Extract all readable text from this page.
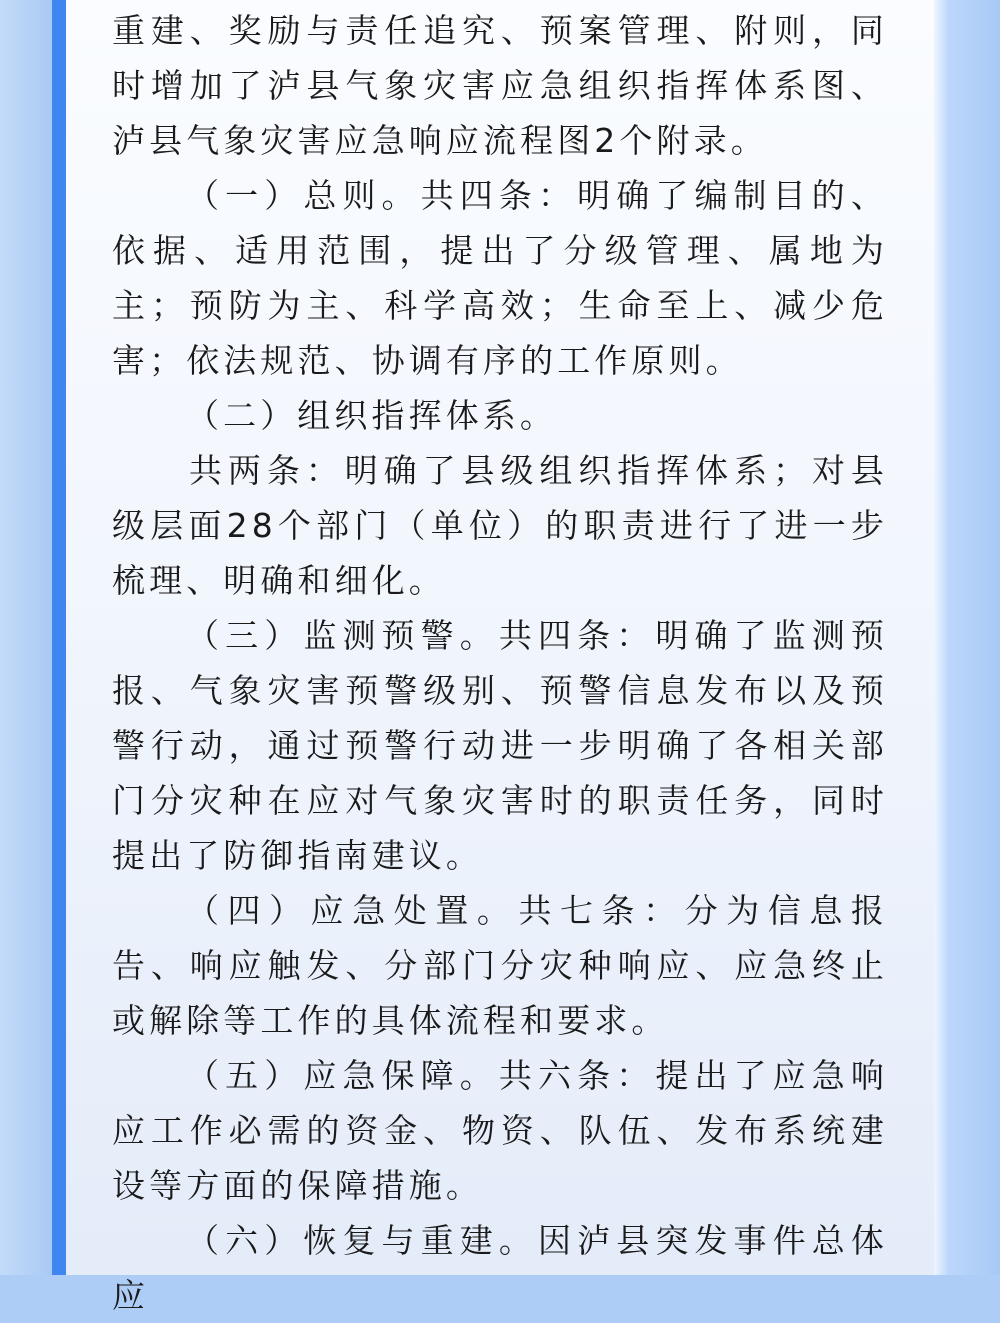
重建、奖励与责任追究、预案管理、附则，同时增加了泸县气象灾害应急组织指挥体系图、泸县气象灾害应急响应流程图2个附录。

（一）总则。共四条：明确了编制目的、依据、适用范围，提出了分级管理、属地为主；预防为主、科学高效；生命至上、减少危害；依法规范、协调有序的工作原则。

（二）组织指挥体系。

共两条：明确了县级组织指挥体系；对县级层面28个部门（单位）的职责进行了进一步梳理、明确和细化。

（三）监测预警。共四条：明确了监测预报、气象灾害预警级别、预警信息发布以及预警行动，通过预警行动进一步明确了各相关部门分灾种在应对气象灾害时的职责任务，同时提出了防御指南建议。

（四）应急处置。共七条：分为信息报告、响应触发、分部门分灾种响应、应急终止或解除等工作的具体流程和要求。

（五）应急保障。共六条：提出了应急响应工作必需的资金、物资、队伍、发布系统建设等方面的保障措施。

（六）恢复与重建。因泸县突发事件总体应
